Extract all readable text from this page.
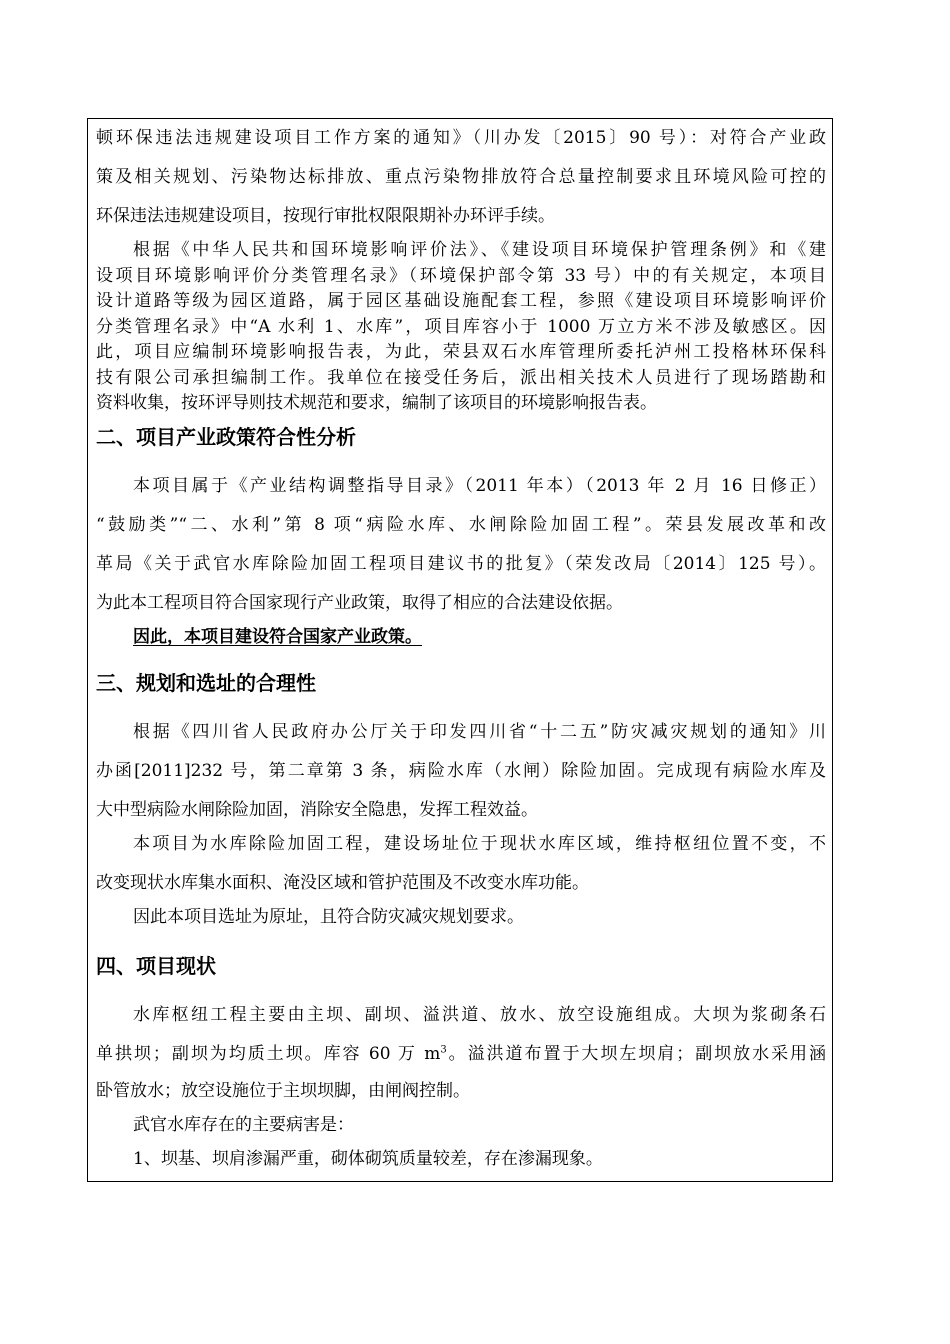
顿环保违法违规建设项目工作方案的通知》（川办发〔2015〕90 号）：对符合产业政
策及相关规划、污染物达标排放、重点污染物排放符合总量控制要求且环境风险可控的
环保违法违规建设项目，按现行审批权限限期补办环评手续。
根据《中华人民共和国环境影响评价法》、《建设项目环境保护管理条例》和《建
设项目环境影响评价分类管理名录》（环境保护部令第 33 号）中的有关规定，本项目
设计道路等级为园区道路，属于园区基础设施配套工程，参照《建设项目环境影响评价
分类管理名录》中“A 水利 1、水库”，项目库容小于 1000 万立方米不涉及敏感区。因
此，项目应编制环境影响报告表，为此，荣县双石水库管理所委托泸州工投格林环保科
技有限公司承担编制工作。我单位在接受任务后，派出相关技术人员进行了现场踏勘和
资料收集，按环评导则技术规范和要求，编制了该项目的环境影响报告表。
二、项目产业政策符合性分析
本项目属于《产业结构调整指导目录》（2011 年本）（2013 年 2 月 16 日修正）
“鼓励类”“二、水利”第 8 项“病险水库、水闸除险加固工程”。荣县发展改革和改
革局《关于武官水库除险加固工程项目建议书的批复》（荣发改局〔2014〕125 号）。
为此本工程项目符合国家现行产业政策，取得了相应的合法建设依据。
因此，本项目建设符合国家产业政策。
三、规划和选址的合理性
根据《四川省人民政府办公厅关于印发四川省“十二五”防灾减灾规划的通知》川
办函[2011]232 号，第二章第 3 条，病险水库（水闸）除险加固。完成现有病险水库及
大中型病险水闸除险加固，消除安全隐患，发挥工程效益。
本项目为水库除险加固工程，建设场址位于现状水库区域，维持枢纽位置不变，不
改变现状水库集水面积、淹没区域和管护范围及不改变水库功能。
因此本项目选址为原址，且符合防灾减灾规划要求。
四、项目现状
水库枢纽工程主要由主坝、副坝、溢洪道、放水、放空设施组成。大坝为浆砌条石
单拱坝；副坝为均质土坝。库容 60 万 $m^3$。溢洪道布置于大坝左坝肩；副坝放水采用涵
卧管放水；放空设施位于主坝坝脚，由闸阀控制。
武官水库存在的主要病害是：
1、坝基、坝肩渗漏严重，砌体砌筑质量较差，存在渗漏现象。
